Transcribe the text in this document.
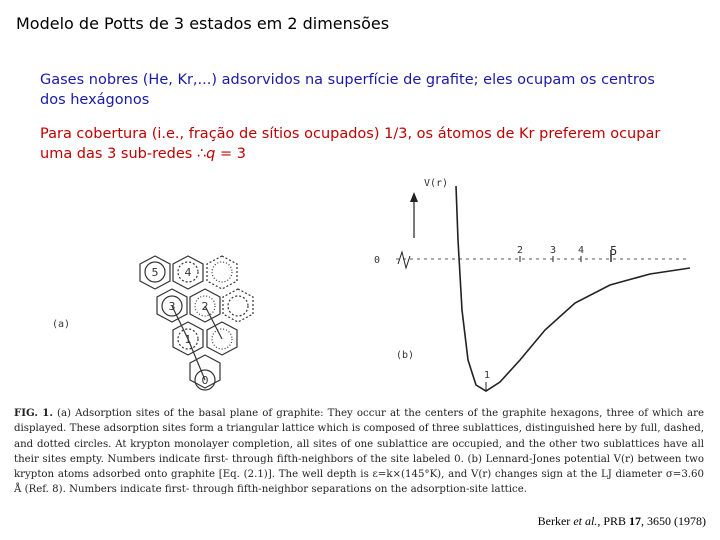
Modelo de Potts de 3 estados em 2 dimensões
Gases nobres (He, Kr,...) adsorvidos na superfície de grafite; eles ocupam os centros dos hexágonos
Para cobertura (i.e., fração de sítios ocupados) 1/3, os átomos de Kr preferem ocupar uma das 3 sub-redes ∴q = 3
5 4
3 2
1
0
(a)
V(r)
0
1
2	3 4 5
(b)
FIG. 1. (a) Adsorption sites of the basal plane of graphite: They occur at the centers of the graphite hexagons, three of which are displayed. These adsorption sites form a triangular lattice which is composed of three sublattices, distinguished here by full, dashed, and dotted circles. At krypton monolayer completion, all sites of one sublattice are occupied, and the other two sublattices have all their sites empty. Numbers indicate first- through fifth-neighbors of the site labeled 0. (b) Lennard-Jones potential V(r) between two krypton atoms adsorbed onto graphite [Eq. (2.1)]. The well depth is ε=k×(145°K), and V(r) changes sign at the LJ diameter σ=3.60 Å (Ref. 8). Numbers indicate first- through fifth-neighbor separations on the adsorption-site lattice.
Berker et al., PRB 17, 3650 (1978)
